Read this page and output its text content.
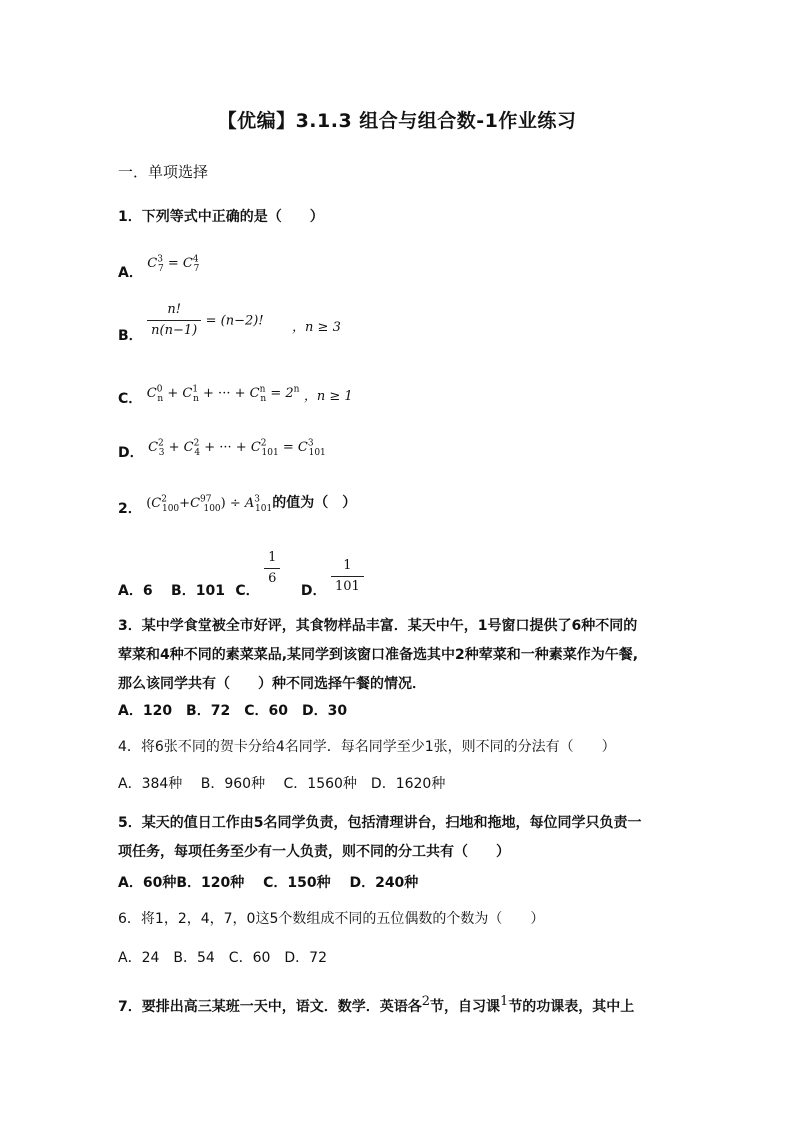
【优编】3.1.3 组合与组合数-1作业练习
一．单项选择
1．下列等式中正确的是（　　）
A． $C^3_7 = C^4_7$
B． $\frac{n!}{n(n-1)} = (n-2)$! ，n ≥ 3
C． $C^0_n + C^1_n$ + ··· + $C^n_n = 2^n$ ，n ≥ 1
D． $C^2_3 + C^2_4$ + ··· + $C^2_{101} = C^3_{101}$
2． $(C^2_{100}+C^{97}_{100}) \div A^3_{101}$的值为（　）
A．6 B．101 C．
$\frac{1}{6}$
D． $\frac{1}{101}$
3．某中学食堂被全市好评，其食物样品丰富．某天中午，1号窗口提供了6种不同的
荤菜和4种不同的素菜菜品,某同学到该窗口准备选其中2种荤菜和一种素菜作为午餐,
那么该同学共有（　　）种不同选择午餐的情况．
A．120　B．72　C．60　D．30
4．将6张不同的贺卡分给4名同学．每名同学至少1张，则不同的分法有（　　）
A．384种　 B．960种　 C．1560种　D．1620种
5．某天的值日工作由5名同学负责，包括清理讲台，扫地和拖地，每位同学只负责一
项任务，每项任务至少有一人负责，则不同的分工共有（　　）
A．60种B．120种　 C．150种　 D．240种
6．将1，2，4，7，0这5个数组成不同的五位偶数的个数为（　　）
A．24　B．54　C．60　D．72
7．要排出高三某班一天中，语文．数学．英语各2节，自习课1节的功课表，其中上
